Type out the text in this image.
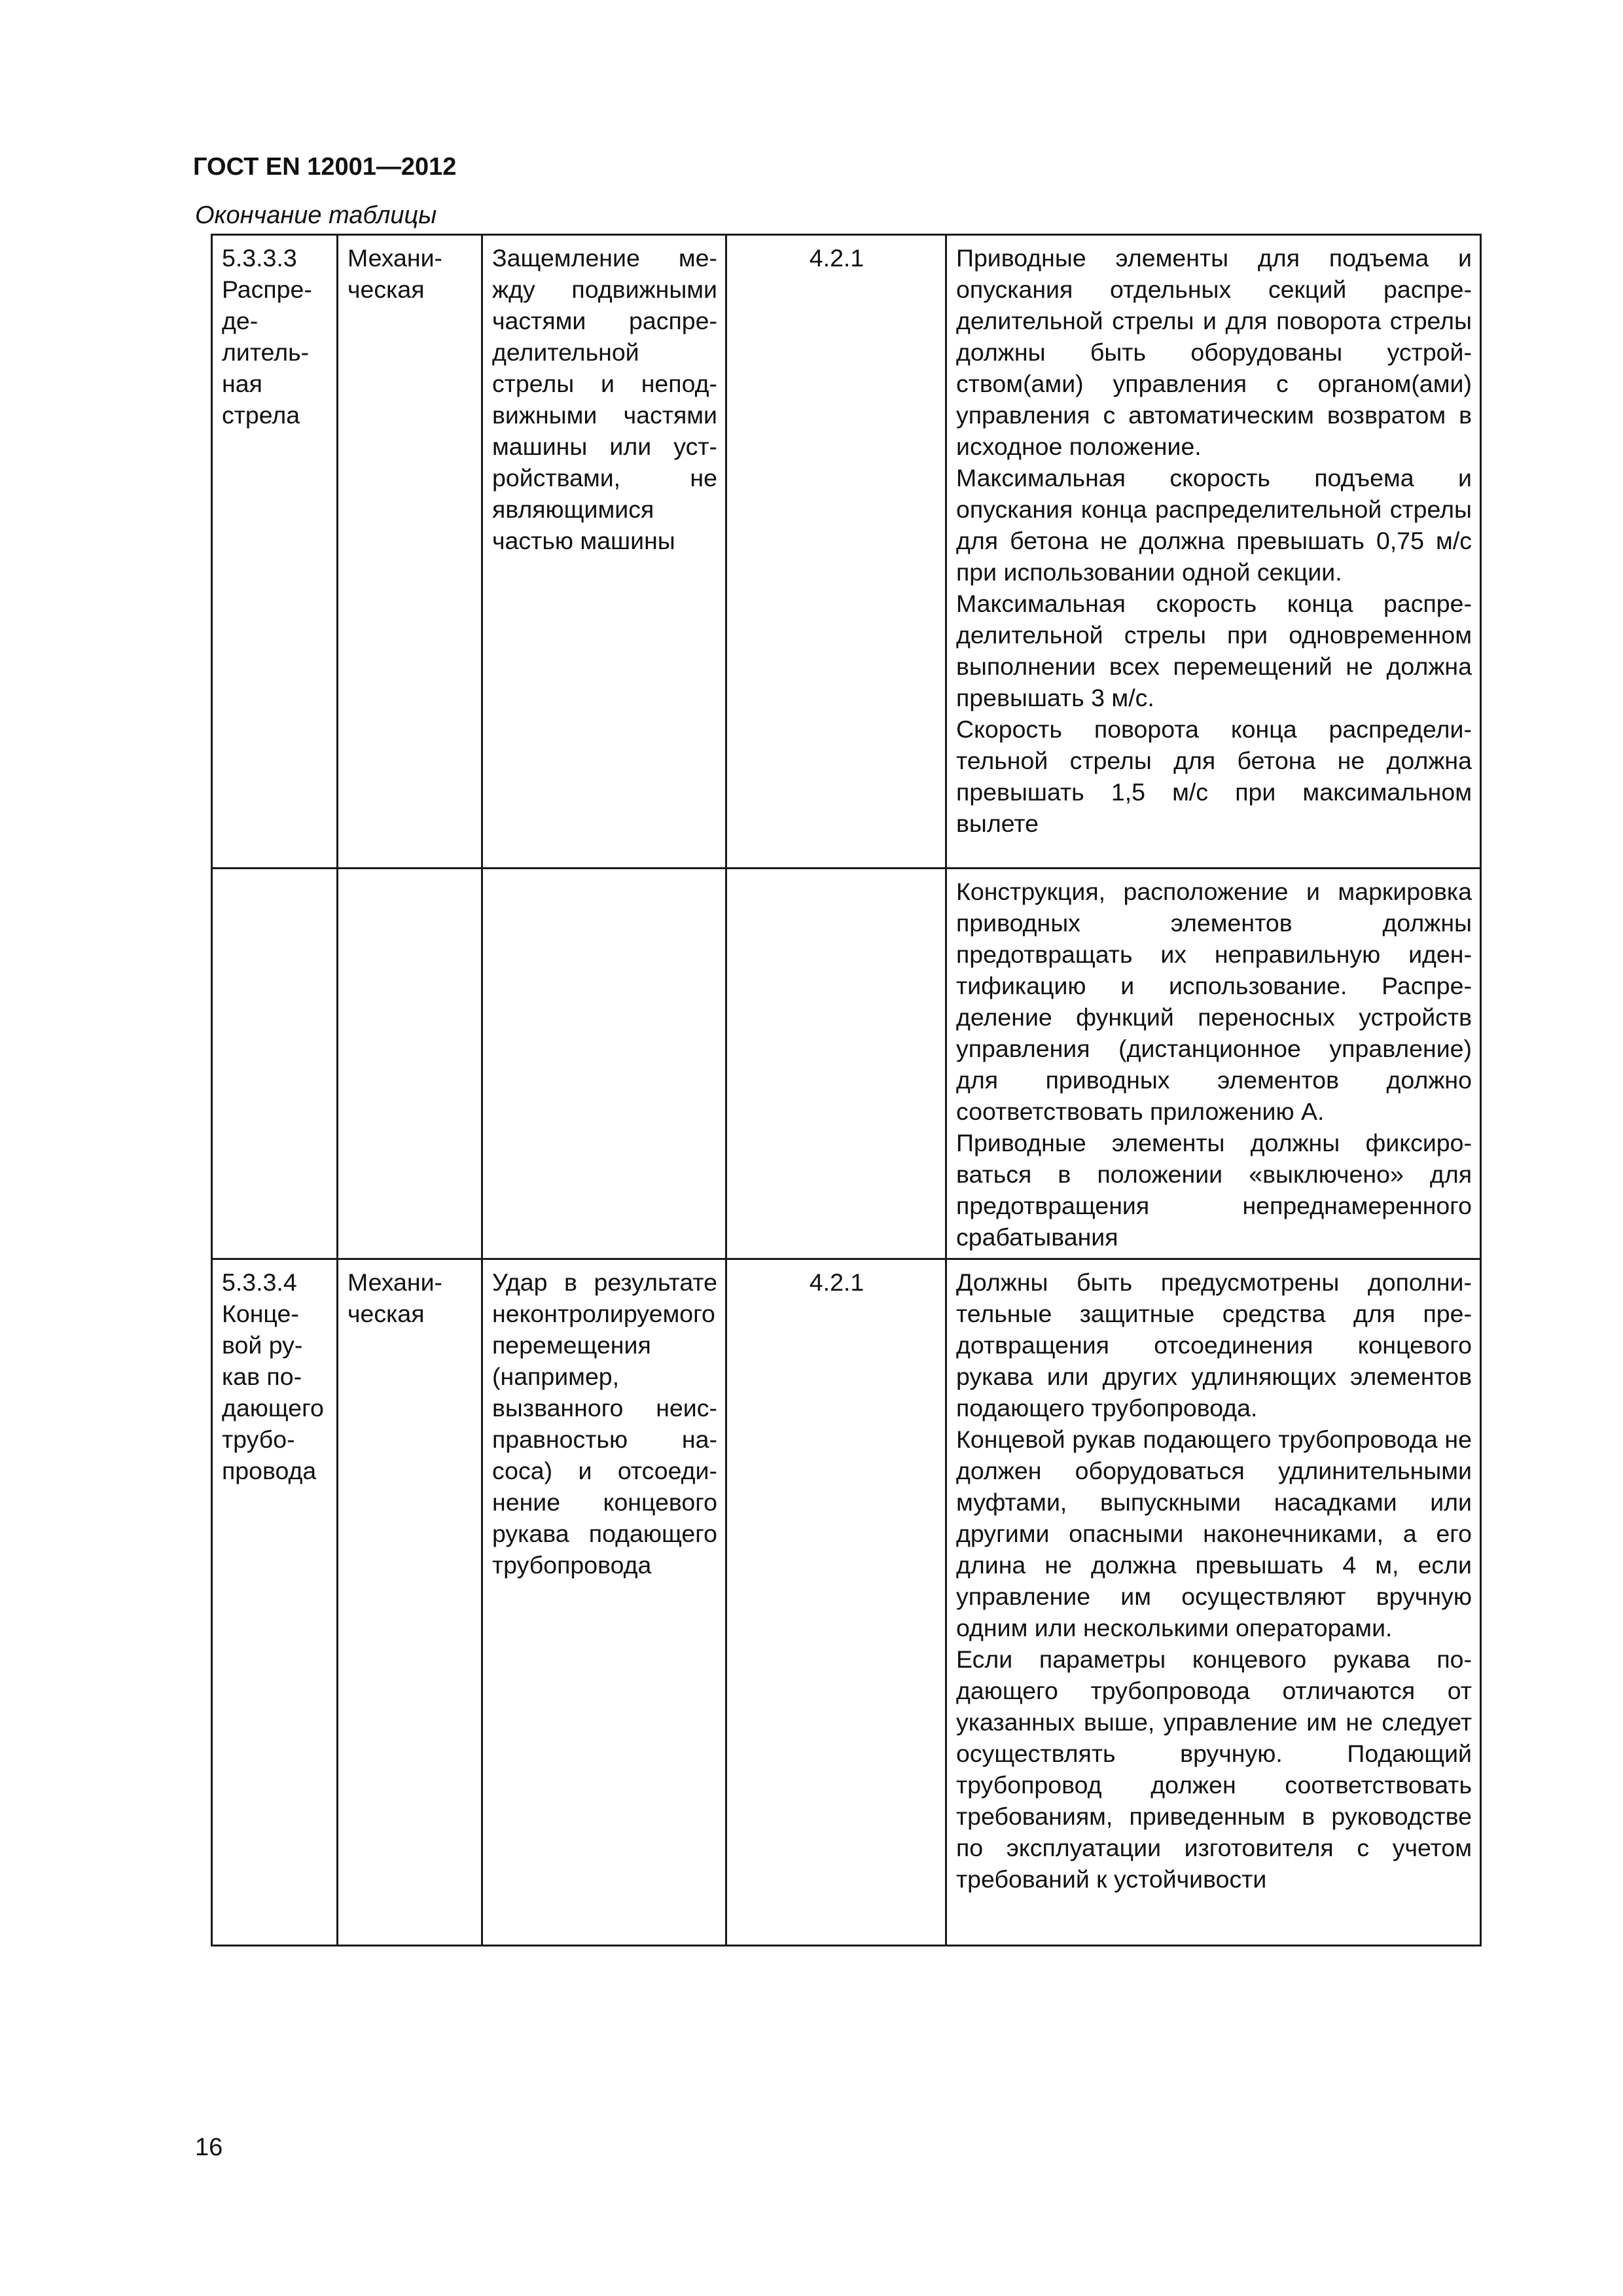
ГОСТ EN 12001—2012
Окончание таблицы
5.3.3.3 Распределительная стрела	Механическая	Защемление между подвижными частями распределительной стрелы и неподвижными частями машины или устройствами, не являющимися частью машины	4.2.1	Приводные элементы для подъема и опускания отдельных секций распределительной стрелы и для поворота стрелы должны быть оборудованы устройством(ами) управления с органом(ами) управления с автоматическим возвратом в исходное положение.

Максимальная скорость подъема и опускания конца распределительной стрелы для бетона не должна превышать 0,75 м/с при использовании одной секции.

Максимальная скорость конца распределительной стрелы при одновременном выполнении всех перемещений не должна превышать 3 м/с.

Скорость поворота конца распределительной стрелы для бетона не должна превышать 1,5 м/с при максимальном вылете

				Конструкция, расположение и маркировка приводных элементов должны предотвращать их неправильную идентификацию и использование. Распределение функций переносных устройств управления (дистанционное управление) для приводных элементов должно соответствовать приложению А.

Приводные элементы должны фиксироваться в положении «выключено» для предотвращения непреднамеренного срабатывания

5.3.3.4 Концевой рукав подающего трубопровода	Механическая	Удар в результате неконтролируемого перемещения (например, вызванного неисправностью насоса) и отсоединение концевого рукава подающего трубопровода	4.2.1	Должны быть предусмотрены дополнительные защитные средства для предотвращения отсоединения концевого рукава или других удлиняющих элементов подающего трубопровода.

Концевой рукав подающего трубопровода не должен оборудоваться удлинительными муфтами, выпускными насадками или другими опасными наконечниками, а его длина не должна превышать 4 м, если управление им осуществляют вручную одним или несколькими операторами.

Если параметры концевого рукава подающего трубопровода отличаются от указанных выше, управление им не следует осуществлять вручную. Подающий трубопровод должен соответствовать требованиям, приведенным в руководстве по эксплуатации изготовителя с учетом требований к устойчивости

16
